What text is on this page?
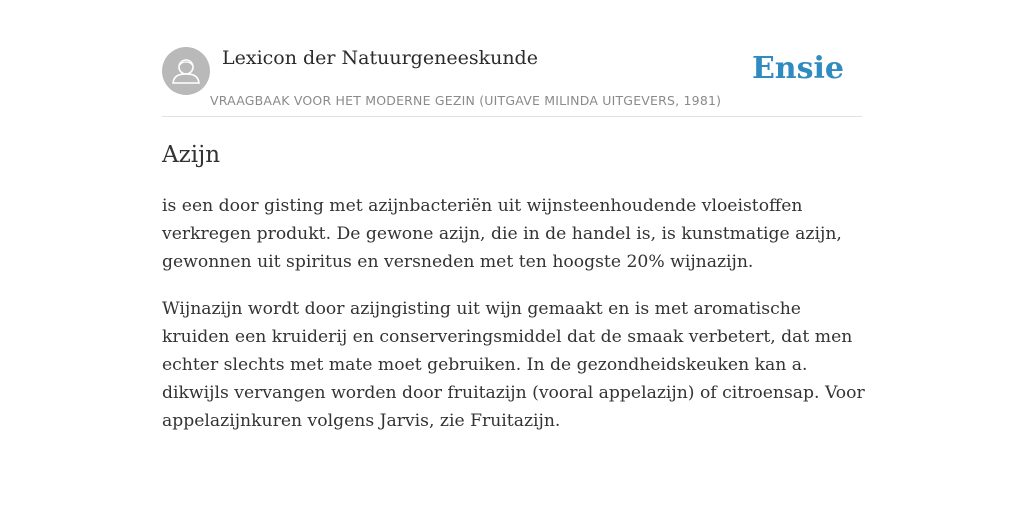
Lexicon der Natuurgeneeskunde
VRAAGBAAK VOOR HET MODERNE GEZIN (UITGAVE MILINDA UITGEVERS, 1981)
Ensie
Azijn

is een door gisting met azijnbacteriën uit wijnsteenhoudende vloeistoffen verkregen produkt. De gewone azijn, die in de handel is, is kunstmatige azijn, gewonnen uit spiritus en versneden met ten hoogste 20% wijnazijn.

Wijnazijn wordt door azijngisting uit wijn gemaakt en is met aromatische kruiden een kruiderij en conserveringsmiddel dat de smaak verbetert, dat men echter slechts met mate moet gebruiken. In de gezondheidskeuken kan a. dikwijls vervangen worden door fruitazijn (vooral appelazijn) of citroensap. Voor appelazijnkuren volgens Jarvis, zie Fruitazijn.
